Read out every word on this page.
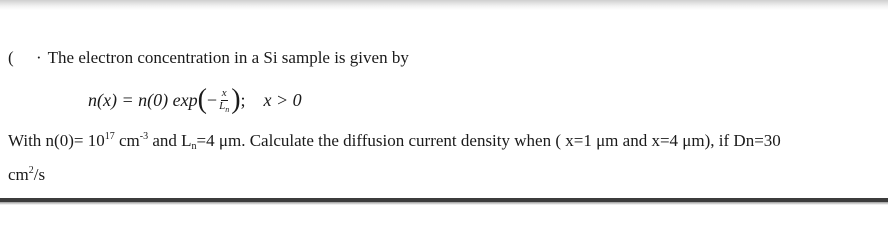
( · The electron concentration in a Si sample is given by
n(x) = n(0) exp ( − $\frac{x}{L_n}$ ) ; x > 0
With $n(0)= 10^{17}$ $cm^{-3}$ and $L_n=4$ μm. Calculate the diffusion current density when ( x=1 μm and x=4 μm), if Dn=30
$cm^2/s$
